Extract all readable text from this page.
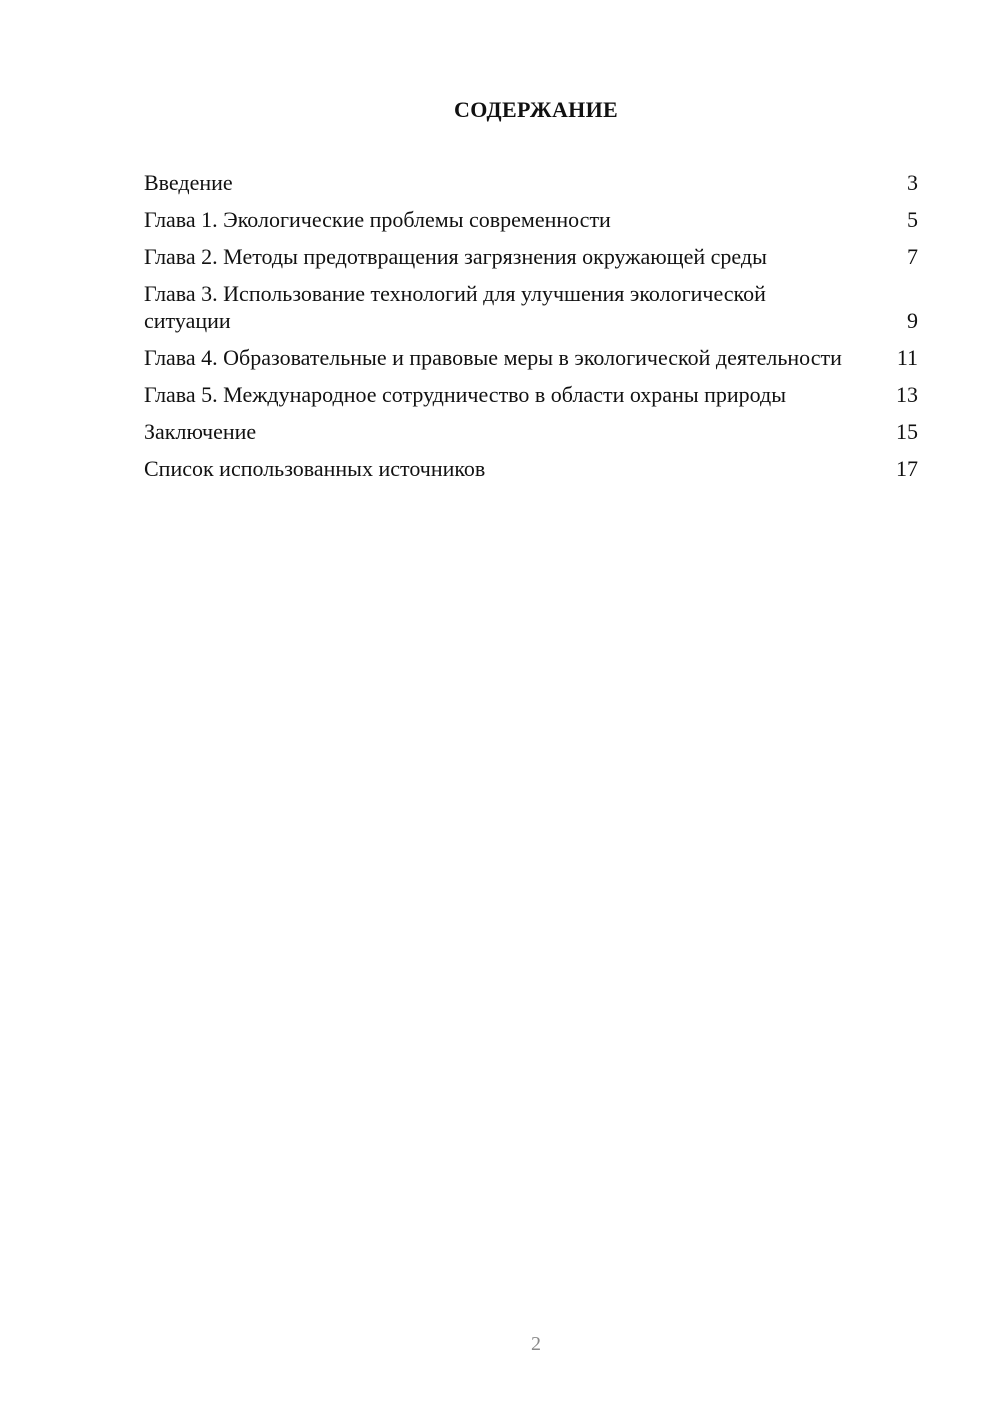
СОДЕРЖАНИЕ
Введение	3
Глава 1. Экологические проблемы современности	5
Глава 2. Методы предотвращения загрязнения окружающей среды	7
Глава 3. Использование технологий для улучшения экологической ситуации	9
Глава 4. Образовательные и правовые меры в экологической деятельности	11
Глава 5. Международное сотрудничество в области охраны природы	13
Заключение	15
Список использованных источников	17
2
